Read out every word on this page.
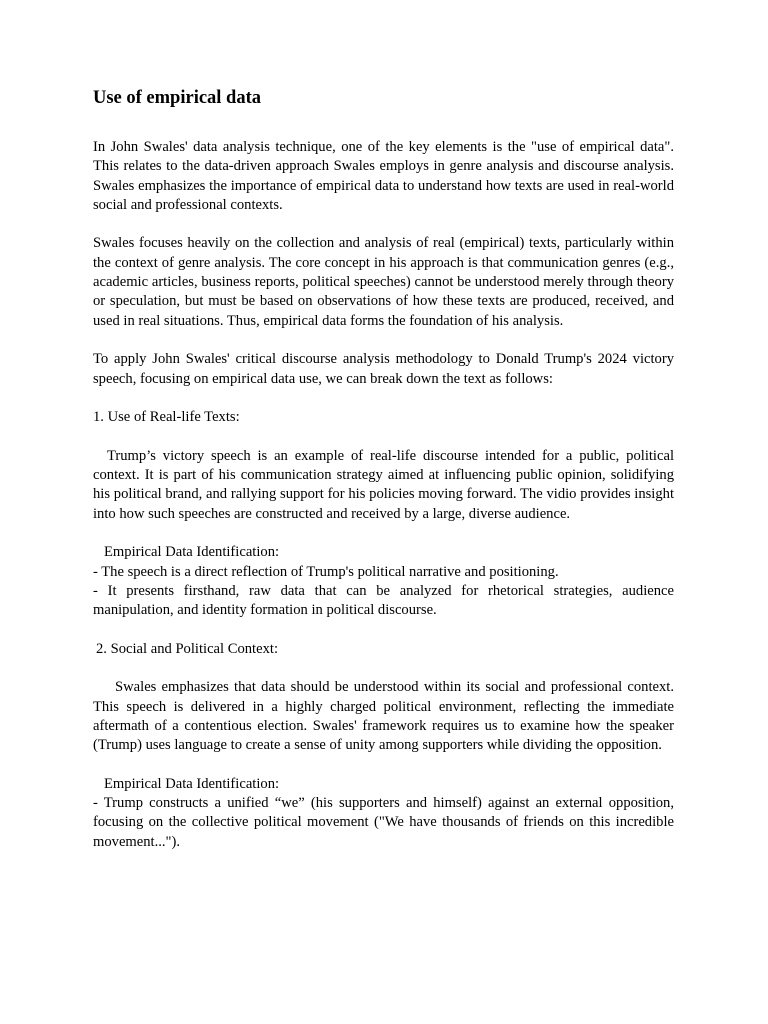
Use of empirical data

In John Swales' data analysis technique, one of the key elements is the "use of empirical data". This relates to the data-driven approach Swales employs in genre analysis and discourse analysis. Swales emphasizes the importance of empirical data to understand how texts are used in real-world social and professional contexts.

Swales focuses heavily on the collection and analysis of real (empirical) texts, particularly within the context of genre analysis. The core concept in his approach is that communication genres (e.g., academic articles, business reports, political speeches) cannot be understood merely through theory or speculation, but must be based on observations of how these texts are produced, received, and used in real situations. Thus, empirical data forms the foundation of his analysis.

To apply John Swales' critical discourse analysis methodology to Donald Trump's 2024 victory speech, focusing on empirical data use, we can break down the text as follows:

1. Use of Real-life Texts:

Trump’s victory speech is an example of real-life discourse intended for a public, political context. It is part of his communication strategy aimed at influencing public opinion, solidifying his political brand, and rallying support for his policies moving forward. The vidio provides insight into how such speeches are constructed and received by a large, diverse audience.

Empirical Data Identification:

- The speech is a direct reflection of Trump's political narrative and positioning.

- It presents firsthand, raw data that can be analyzed for rhetorical strategies, audience manipulation, and identity formation in political discourse.

2. Social and Political Context:

Swales emphasizes that data should be understood within its social and professional context. This speech is delivered in a highly charged political environment, reflecting the immediate aftermath of a contentious election. Swales' framework requires us to examine how the speaker (Trump) uses language to create a sense of unity among supporters while dividing the opposition.

Empirical Data Identification:

- Trump constructs a unified “we” (his supporters and himself) against an external opposition, focusing on the collective political movement ("We have thousands of friends on this incredible movement...").
